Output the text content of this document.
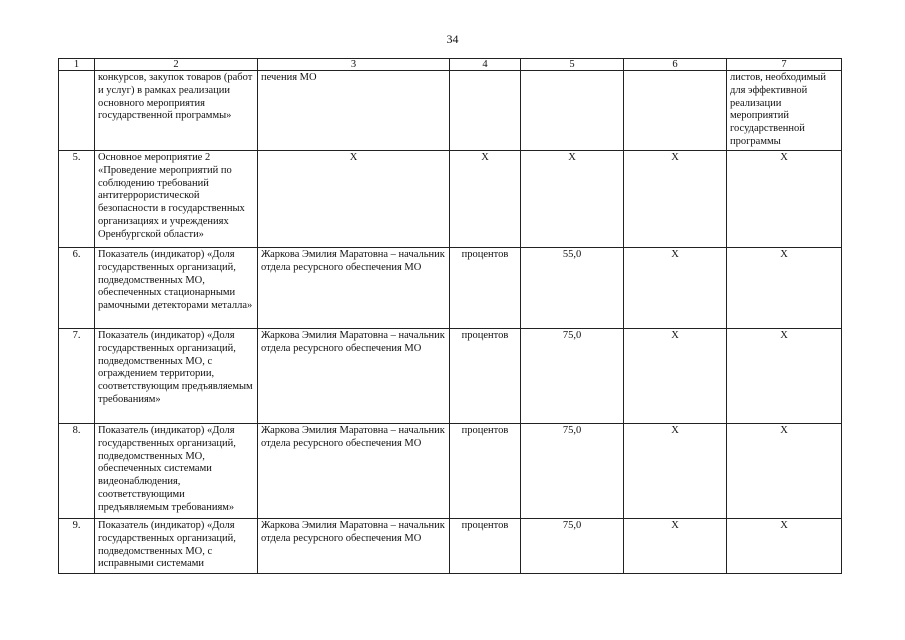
34
1	2	3	4	5	6	7
	конкурсов, закупок товаров (работ и услуг) в рамках реализации основного мероприятия государственной программы»	печения МО				листов, необходимый для эффективной реализации мероприятий государственной программы
5.	Основное мероприятие 2 «Проведение мероприятий по соблюдению требований антитеррористической безопасности в государственных организациях и учреждениях Оренбургской области»	Х	Х	Х	Х	Х
6.	Показатель (индикатор) «Доля государственных организаций, подведомственных МО, обеспеченных стационарными рамочными детекторами металла»	Жаркова Эмилия Маратовна – начальник отдела ресурсного обеспечения МО	процентов	55,0	Х	Х
7.	Показатель (индикатор) «Доля государственных организаций, подведомственных МО, с ограждением территории, соответствующим предъявляемым требованиям»	Жаркова Эмилия Маратовна – начальник отдела ресурсного обеспечения МО	процентов	75,0	Х	Х
8.	Показатель (индикатор) «Доля государственных организаций, подведомственных МО, обеспеченных системами видеонаблюдения, соответствующими предъявляемым требованиям»	Жаркова Эмилия Маратовна – начальник отдела ресурсного обеспечения МО	процентов	75,0	Х	Х
9.	Показатель (индикатор) «Доля государственных организаций, подведомственных МО, с исправными системами	Жаркова Эмилия Маратовна – начальник отдела ресурсного обеспечения МО	процентов	75,0	Х	Х
